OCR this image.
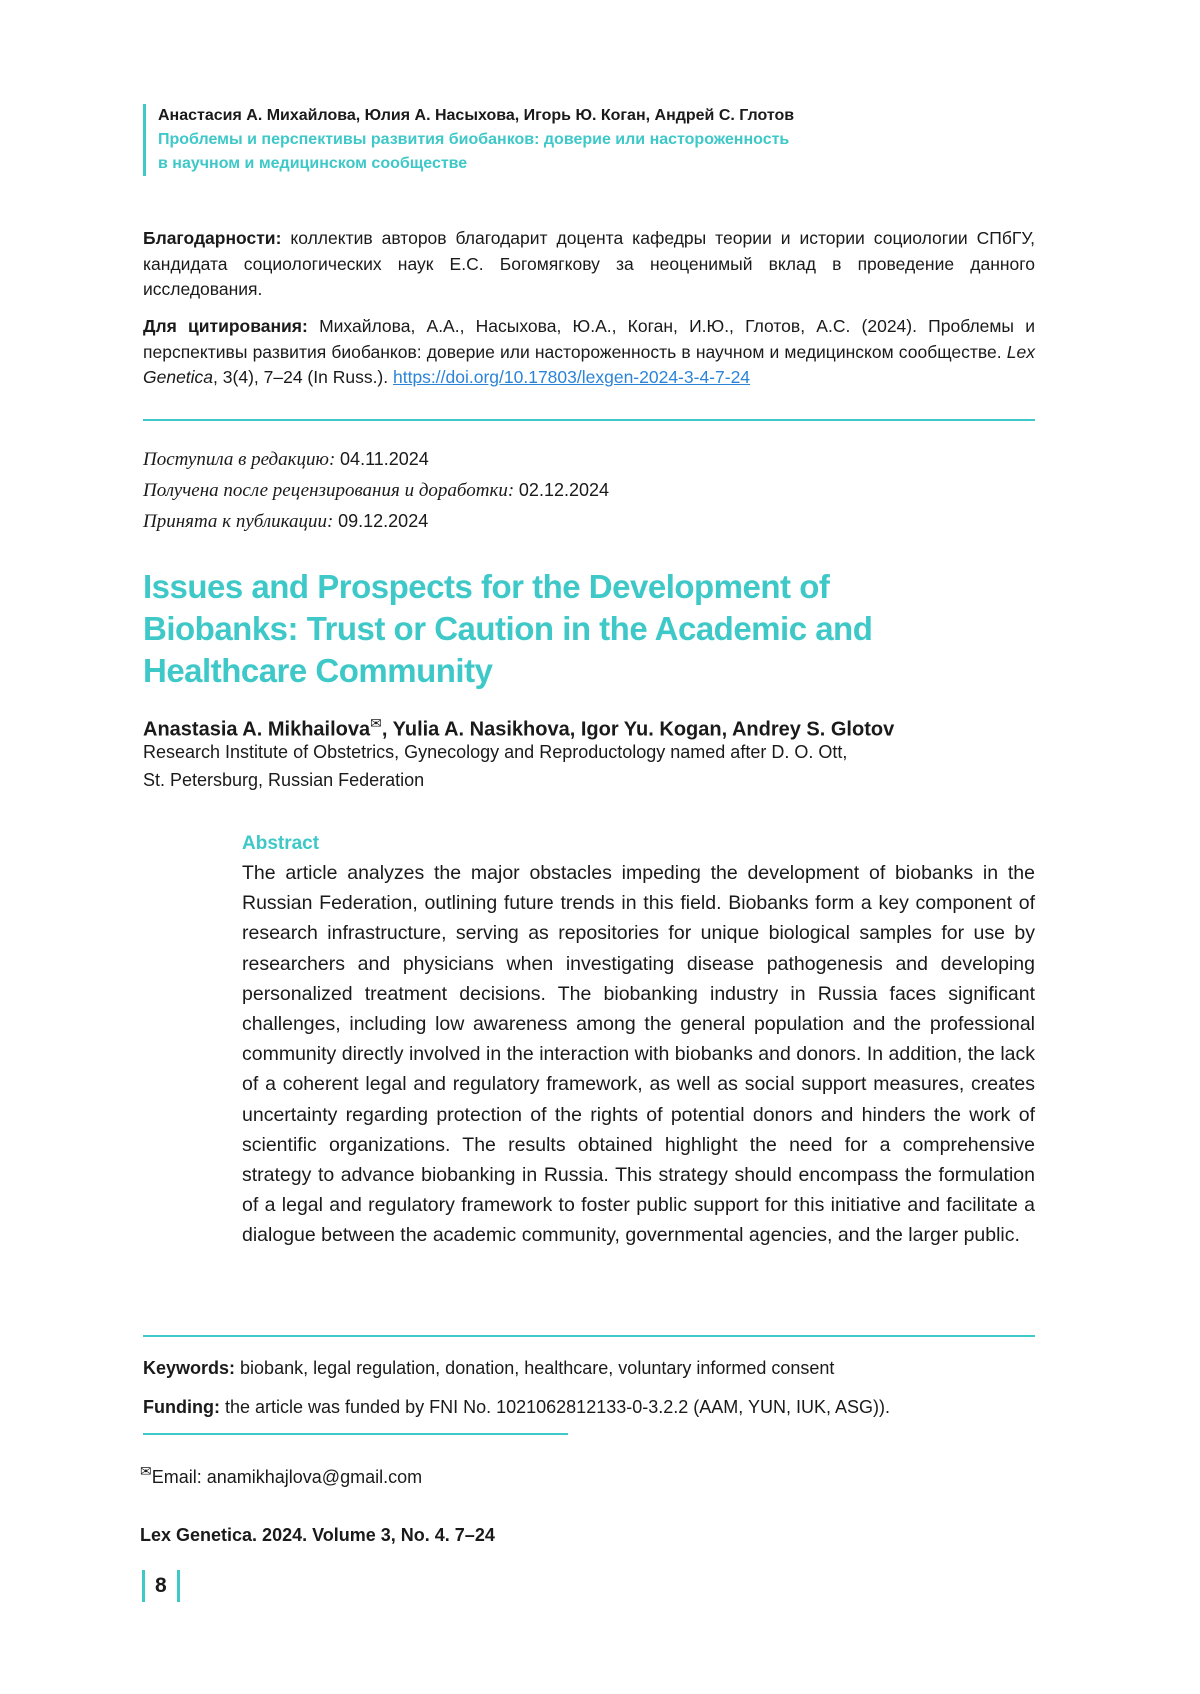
Анастасия А. Михайлова, Юлия А. Насыхова, Игорь Ю. Коган, Андрей С. Глотов
Проблемы и перспективы развития биобанков: доверие или настороженность в научном и медицинском сообществе
Благодарности: коллектив авторов благодарит доцента кафедры теории и истории социологии СПбГУ, кандидата социологических наук Е.С. Богомягкову за неоценимый вклад в проведение данного исследования.
Для цитирования: Михайлова, А.А., Насыхова, Ю.А., Коган, И.Ю., Глотов, А.С. (2024). Проблемы и перспективы развития биобанков: доверие или настороженность в научном и медицинском сообществе. Lex Genetica, 3(4), 7–24 (In Russ.). https://doi.org/10.17803/lexgen-2024-3-4-7-24
Поступила в редакцию: 04.11.2024
Получена после рецензирования и доработки: 02.12.2024
Принята к публикации: 09.12.2024
Issues and Prospects for the Development of Biobanks: Trust or Caution in the Academic and Healthcare Community
Anastasia A. Mikhailova✉, Yulia A. Nasikhova, Igor Yu. Kogan, Andrey S. Glotov
Research Institute of Obstetrics, Gynecology and Reproductology named after D. O. Ott,
St. Petersburg, Russian Federation
Abstract
The article analyzes the major obstacles impeding the development of biobanks in the Russian Federation, outlining future trends in this field. Biobanks form a key component of research infrastructure, serving as repositories for unique biological samples for use by researchers and physicians when investigating disease pathogenesis and developing personalized treatment decisions. The biobanking industry in Russia faces significant challenges, including low awareness among the general population and the professional community directly involved in the interaction with biobanks and donors. In addition, the lack of a coherent legal and regulatory framework, as well as social support measures, creates uncertainty regarding protection of the rights of potential donors and hinders the work of scientific organizations. The results obtained highlight the need for a comprehensive strategy to advance biobanking in Russia. This strategy should encompass the formulation of a legal and regulatory framework to foster public support for this initiative and facilitate a dialogue between the academic community, governmental agencies, and the larger public.
Keywords: biobank, legal regulation, donation, healthcare, voluntary informed consent
Funding: the article was funded by FNI No. 1021062812133-0-3.2.2 (AAM, YUN, IUK, ASG)).
✉Email: anamikhajlova@gmail.com
Lex Genetica. 2024. Volume 3, No. 4. 7–24
8
